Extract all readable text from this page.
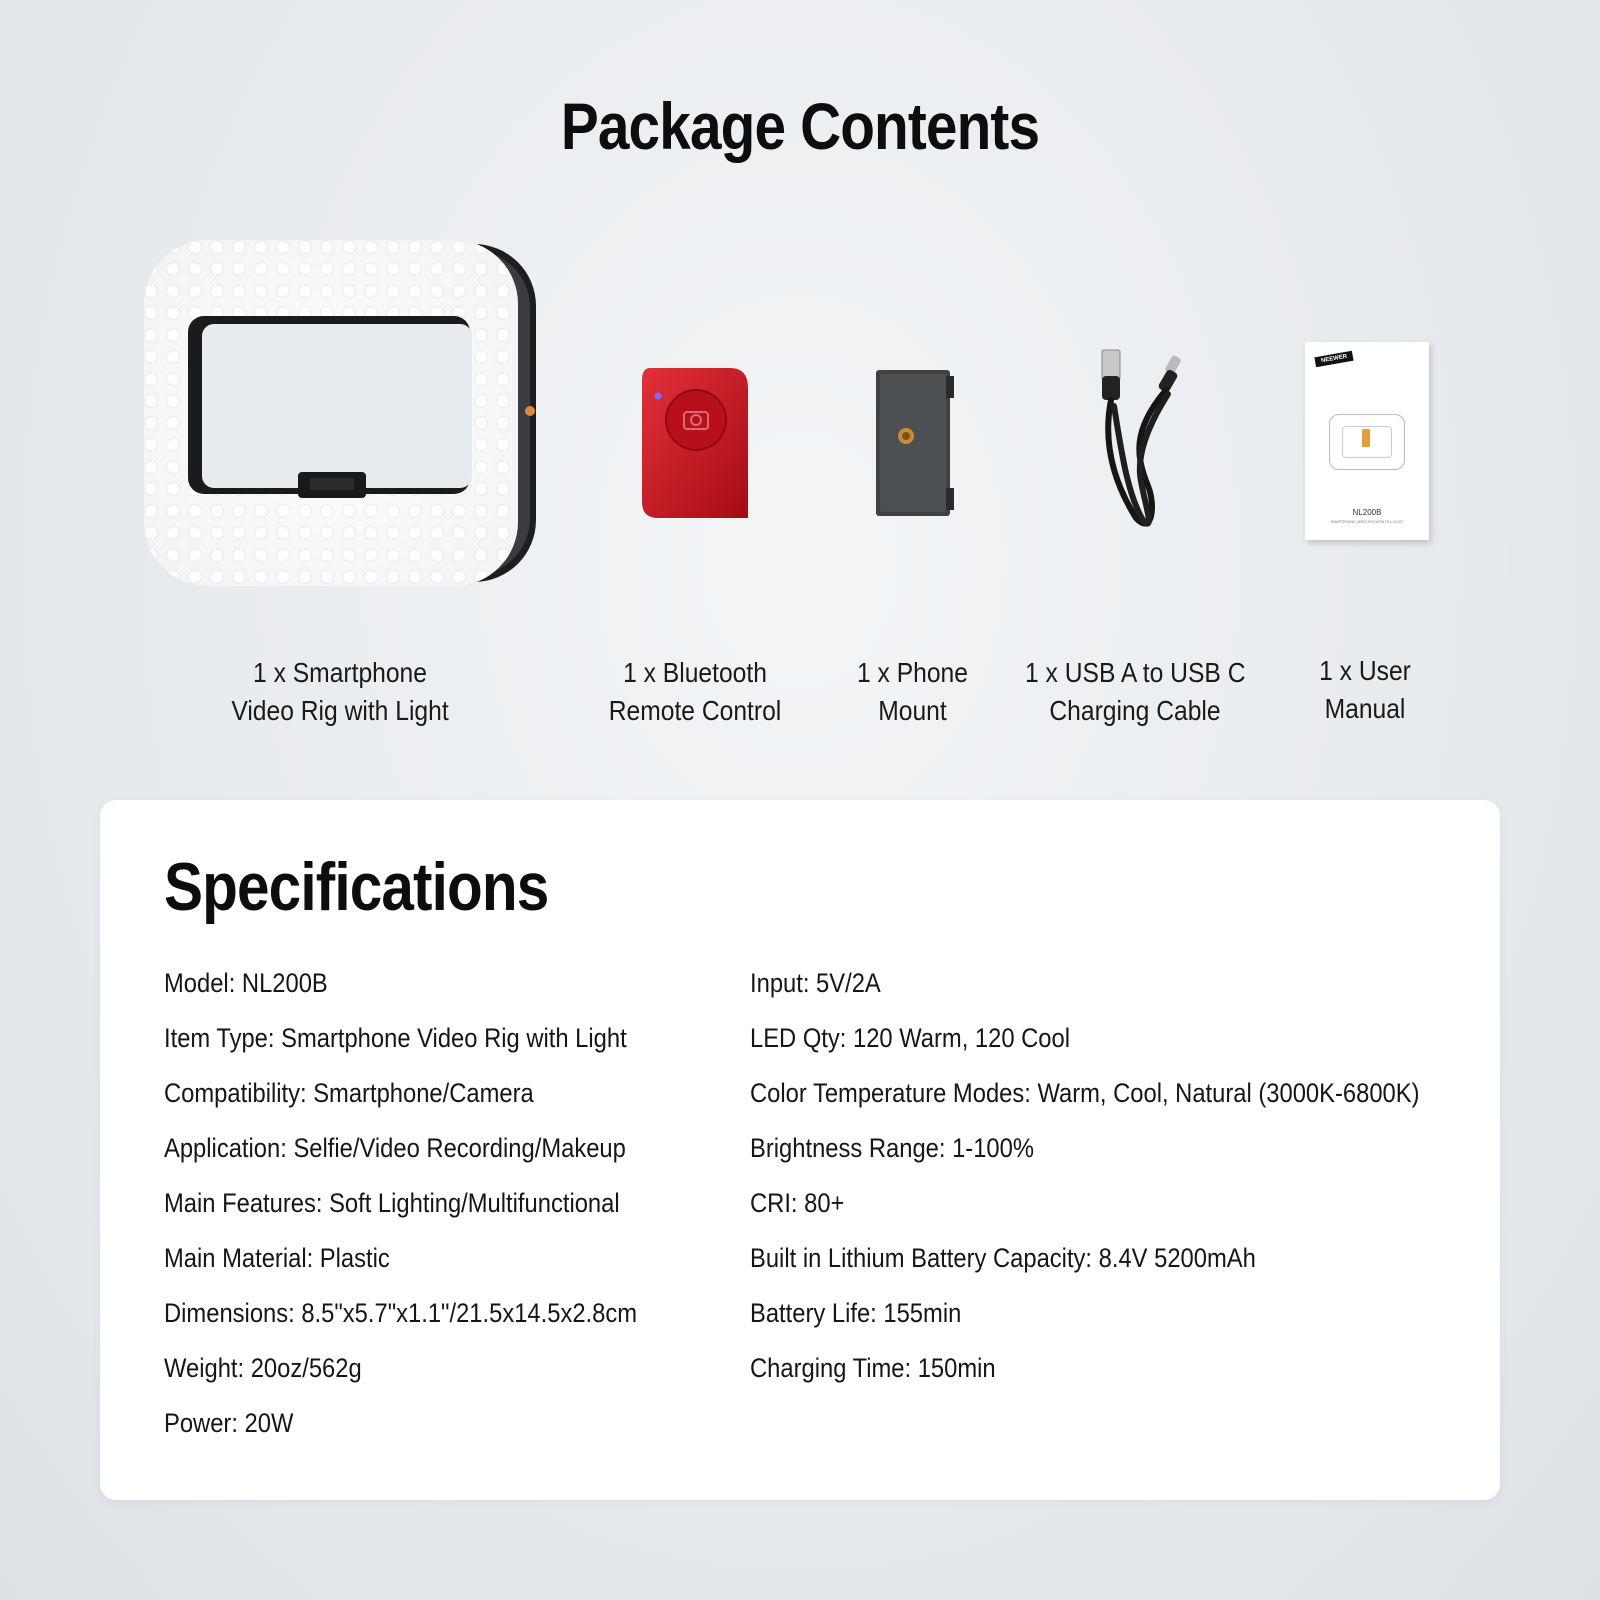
Package Contents
NEEWER
NL200B
SMARTPHONE VIDEO RIG WITH FILL LIGHT
1 x Smartphone
Video Rig with Light
1 x Bluetooth
Remote Control
1 x Phone
Mount
1 x USB A to USB C
Charging Cable
1 x User
Manual
Specifications
Model: NL200B
Item Type: Smartphone Video Rig with Light
Compatibility: Smartphone/Camera
Application: Selfie/Video Recording/Makeup
Main Features: Soft Lighting/Multifunctional
Main Material: Plastic
Dimensions: 8.5"x5.7"x1.1"/21.5x14.5x2.8cm
Weight: 20oz/562g
Power: 20W
Input: 5V/2A
LED Qty: 120 Warm, 120 Cool
Color Temperature Modes: Warm, Cool, Natural (3000K-6800K)
Brightness Range: 1-100%
CRI: 80+
Built in Lithium Battery Capacity: 8.4V 5200mAh
Battery Life: 155min
Charging Time: 150min
